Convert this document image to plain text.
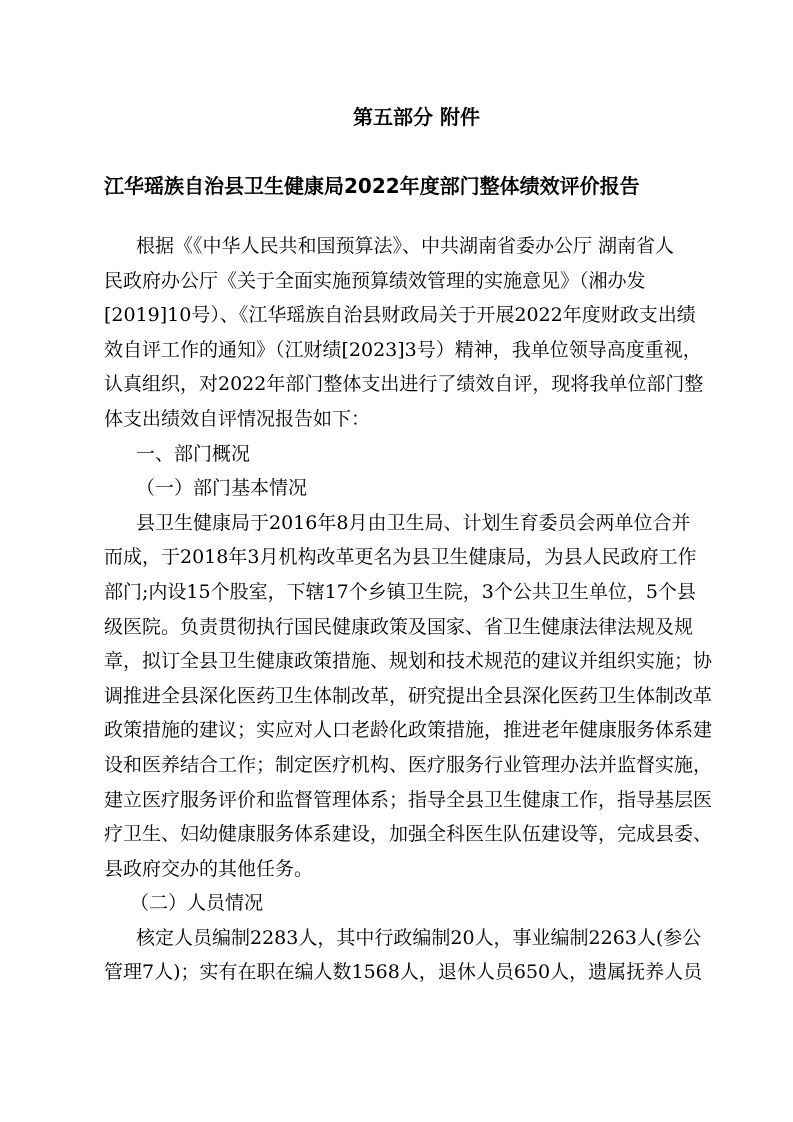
第五部分 附件
江华瑶族自治县卫生健康局2022年度部门整体绩效评价报告
根据《《中华人民共和国预算法》、中共湖南省委办公厅 湖南省人
民政府办公厅《关于全面实施预算绩效管理的实施意见》（湘办发
[2019]10号）、《江华瑶族自治县财政局关于开展2022年度财政支出绩
效自评工作的通知》（江财绩[2023]3号）精神，我单位领导高度重视，
认真组织，对2022年部门整体支出进行了绩效自评，现将我单位部门整
体支出绩效自评情况报告如下：
一、部门概况
（一）部门基本情况
县卫生健康局于2016年8月由卫生局、计划生育委员会两单位合并
而成，于2018年3月机构改革更名为县卫生健康局，为县人民政府工作
部门;内设15个股室，下辖17个乡镇卫生院，3个公共卫生单位，5个县
级医院。负责贯彻执行国民健康政策及国家、省卫生健康法律法规及规
章，拟订全县卫生健康政策措施、规划和技术规范的建议并组织实施；协
调推进全县深化医药卫生体制改革，研究提出全县深化医药卫生体制改革
政策措施的建议；实应对人口老龄化政策措施，推进老年健康服务体系建
设和医养结合工作；制定医疗机构、医疗服务行业管理办法并监督实施，
建立医疗服务评价和监督管理体系；指导全县卫生健康工作，指导基层医
疗卫生、妇幼健康服务体系建设，加强全科医生队伍建设等，完成县委、
县政府交办的其他任务。
（二）人员情况
核定人员编制2283人，其中行政编制20人，事业编制2263人(参公
管理7人)；实有在职在编人数1568人，退休人员650人，遗属抚养人员
